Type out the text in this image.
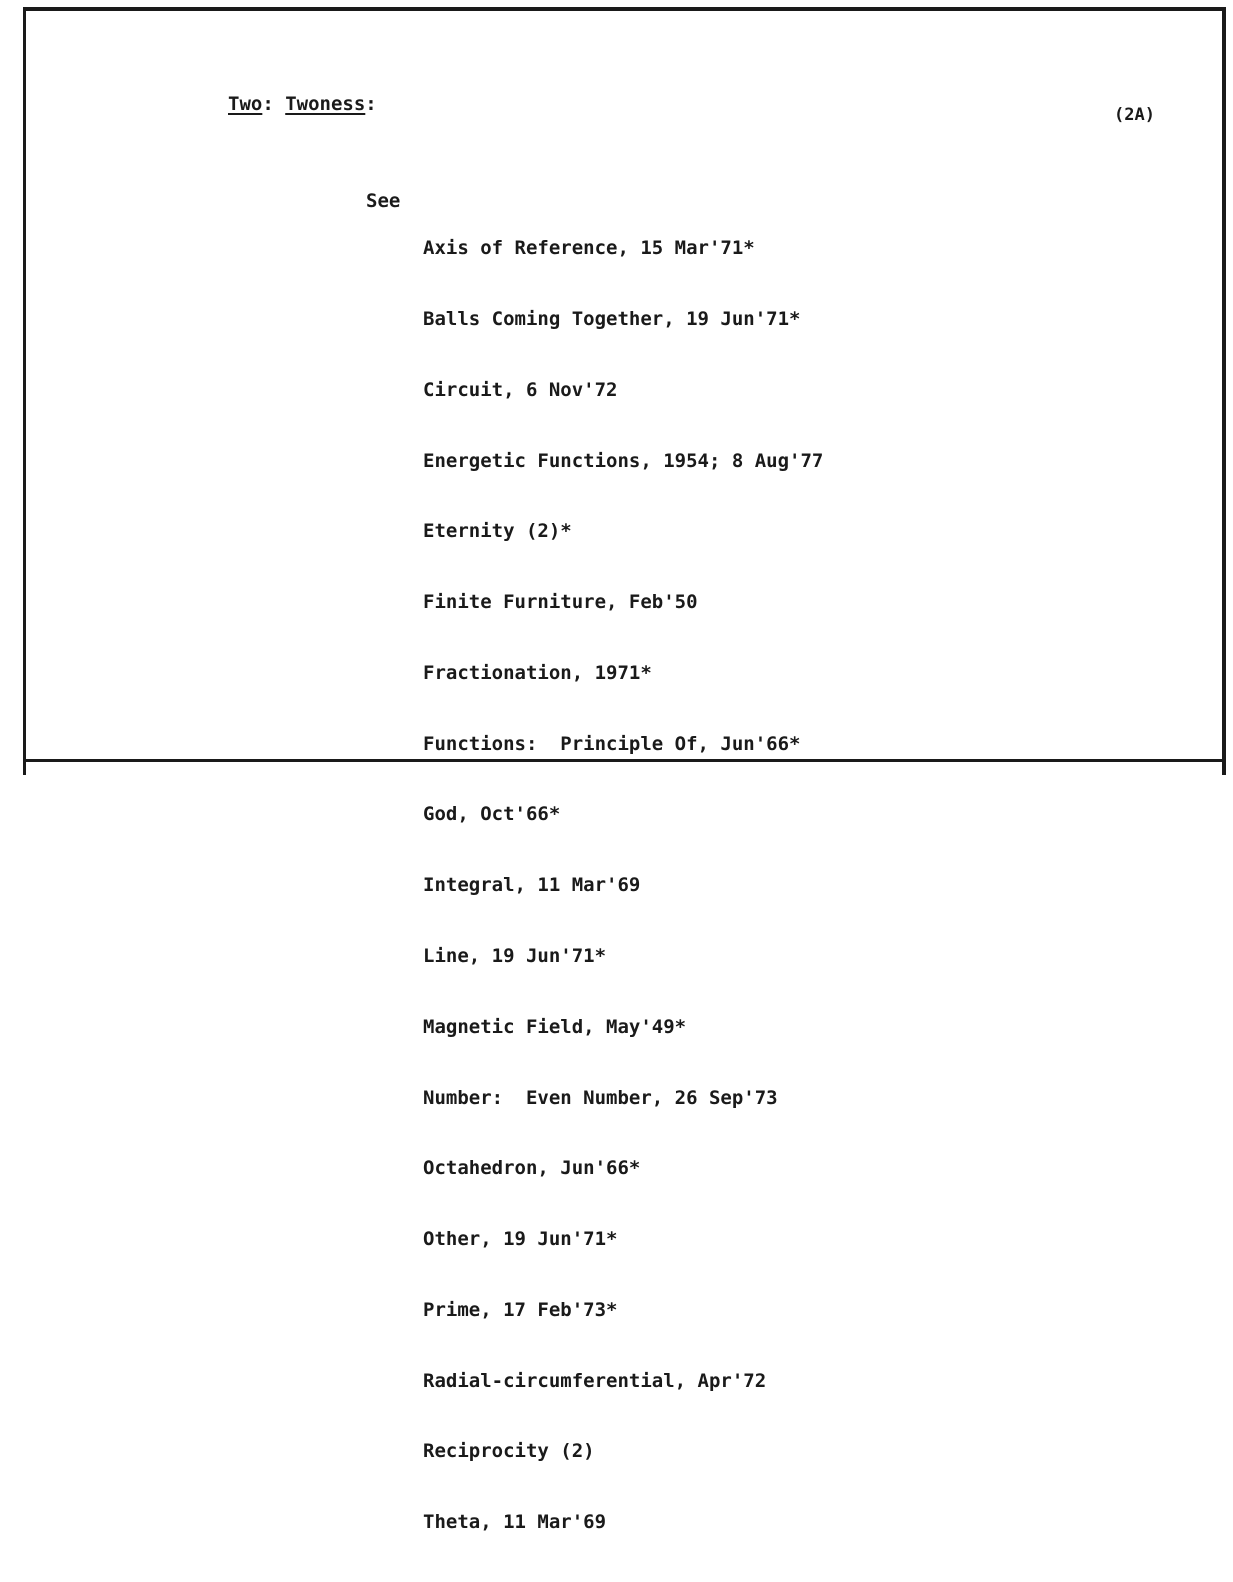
Two: Twoness:	(2A)

See

Axis of Reference, 15 Mar'71*

Balls Coming Together, 19 Jun'71*

Circuit, 6 Nov'72

Energetic Functions, 1954; 8 Aug'77

Eternity (2)*

Finite Furniture, Feb'50

Fractionation, 1971*

Functions:  Principle Of, Jun'66*

God, Oct'66*

Integral, 11 Mar'69

Line, 19 Jun'71*

Magnetic Field, May'49*

Number:  Even Number, 26 Sep'73

Octahedron, Jun'66*

Other, 19 Jun'71*

Prime, 17 Feb'73*

Radial-circumferential, Apr'72

Reciprocity (2)

Theta, 11 Mar'69
